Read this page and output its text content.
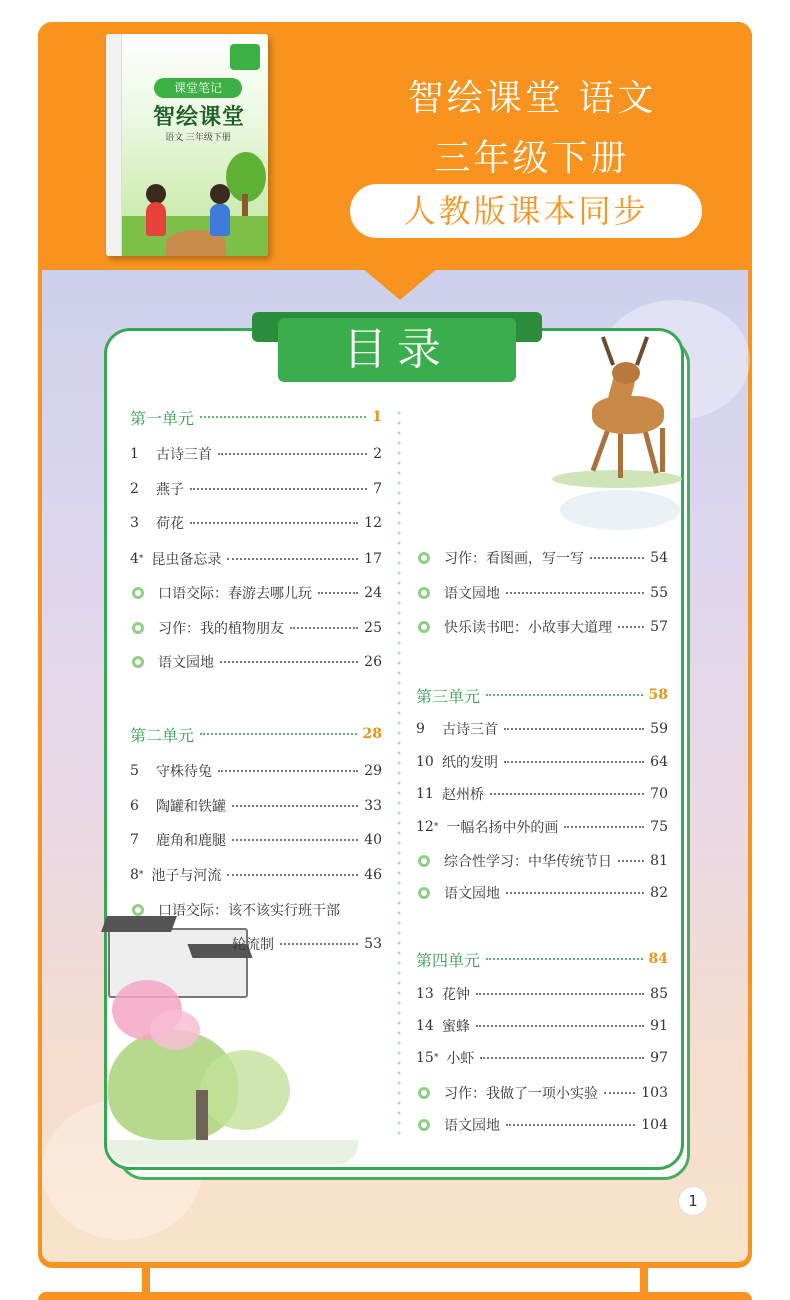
课堂笔记
智绘课堂
语文 三年级下册
智绘课堂 语文
三年级下册
人教版课本同步
目录
第一单元	1
1	古诗三首	2
2	燕子	7
3	荷花	12
4 * 昆虫备忘录	17
口语交际：春游去哪儿玩	24
习作：我的植物朋友	25
语文园地	26
第二单元	28
5	守株待兔	29
6	陶罐和铁罐	33
7	鹿角和鹿腿	40
8 * 池子与河流	46
口语交际：该不该实行班干部
轮流制	53
习作：看图画，写一写	54
语文园地	55
快乐读书吧：小故事大道理	57
第三单元	58
9	古诗三首	59
10 纸的发明	64
11 赵州桥	70
12 * 一幅名扬中外的画	75
综合性学习：中华传统节日	81
语文园地	82
第四单元	84
13 花钟	85
14 蜜蜂	91
15 * 小虾	97
习作：我做了一项小实验	103
语文园地	104
1
